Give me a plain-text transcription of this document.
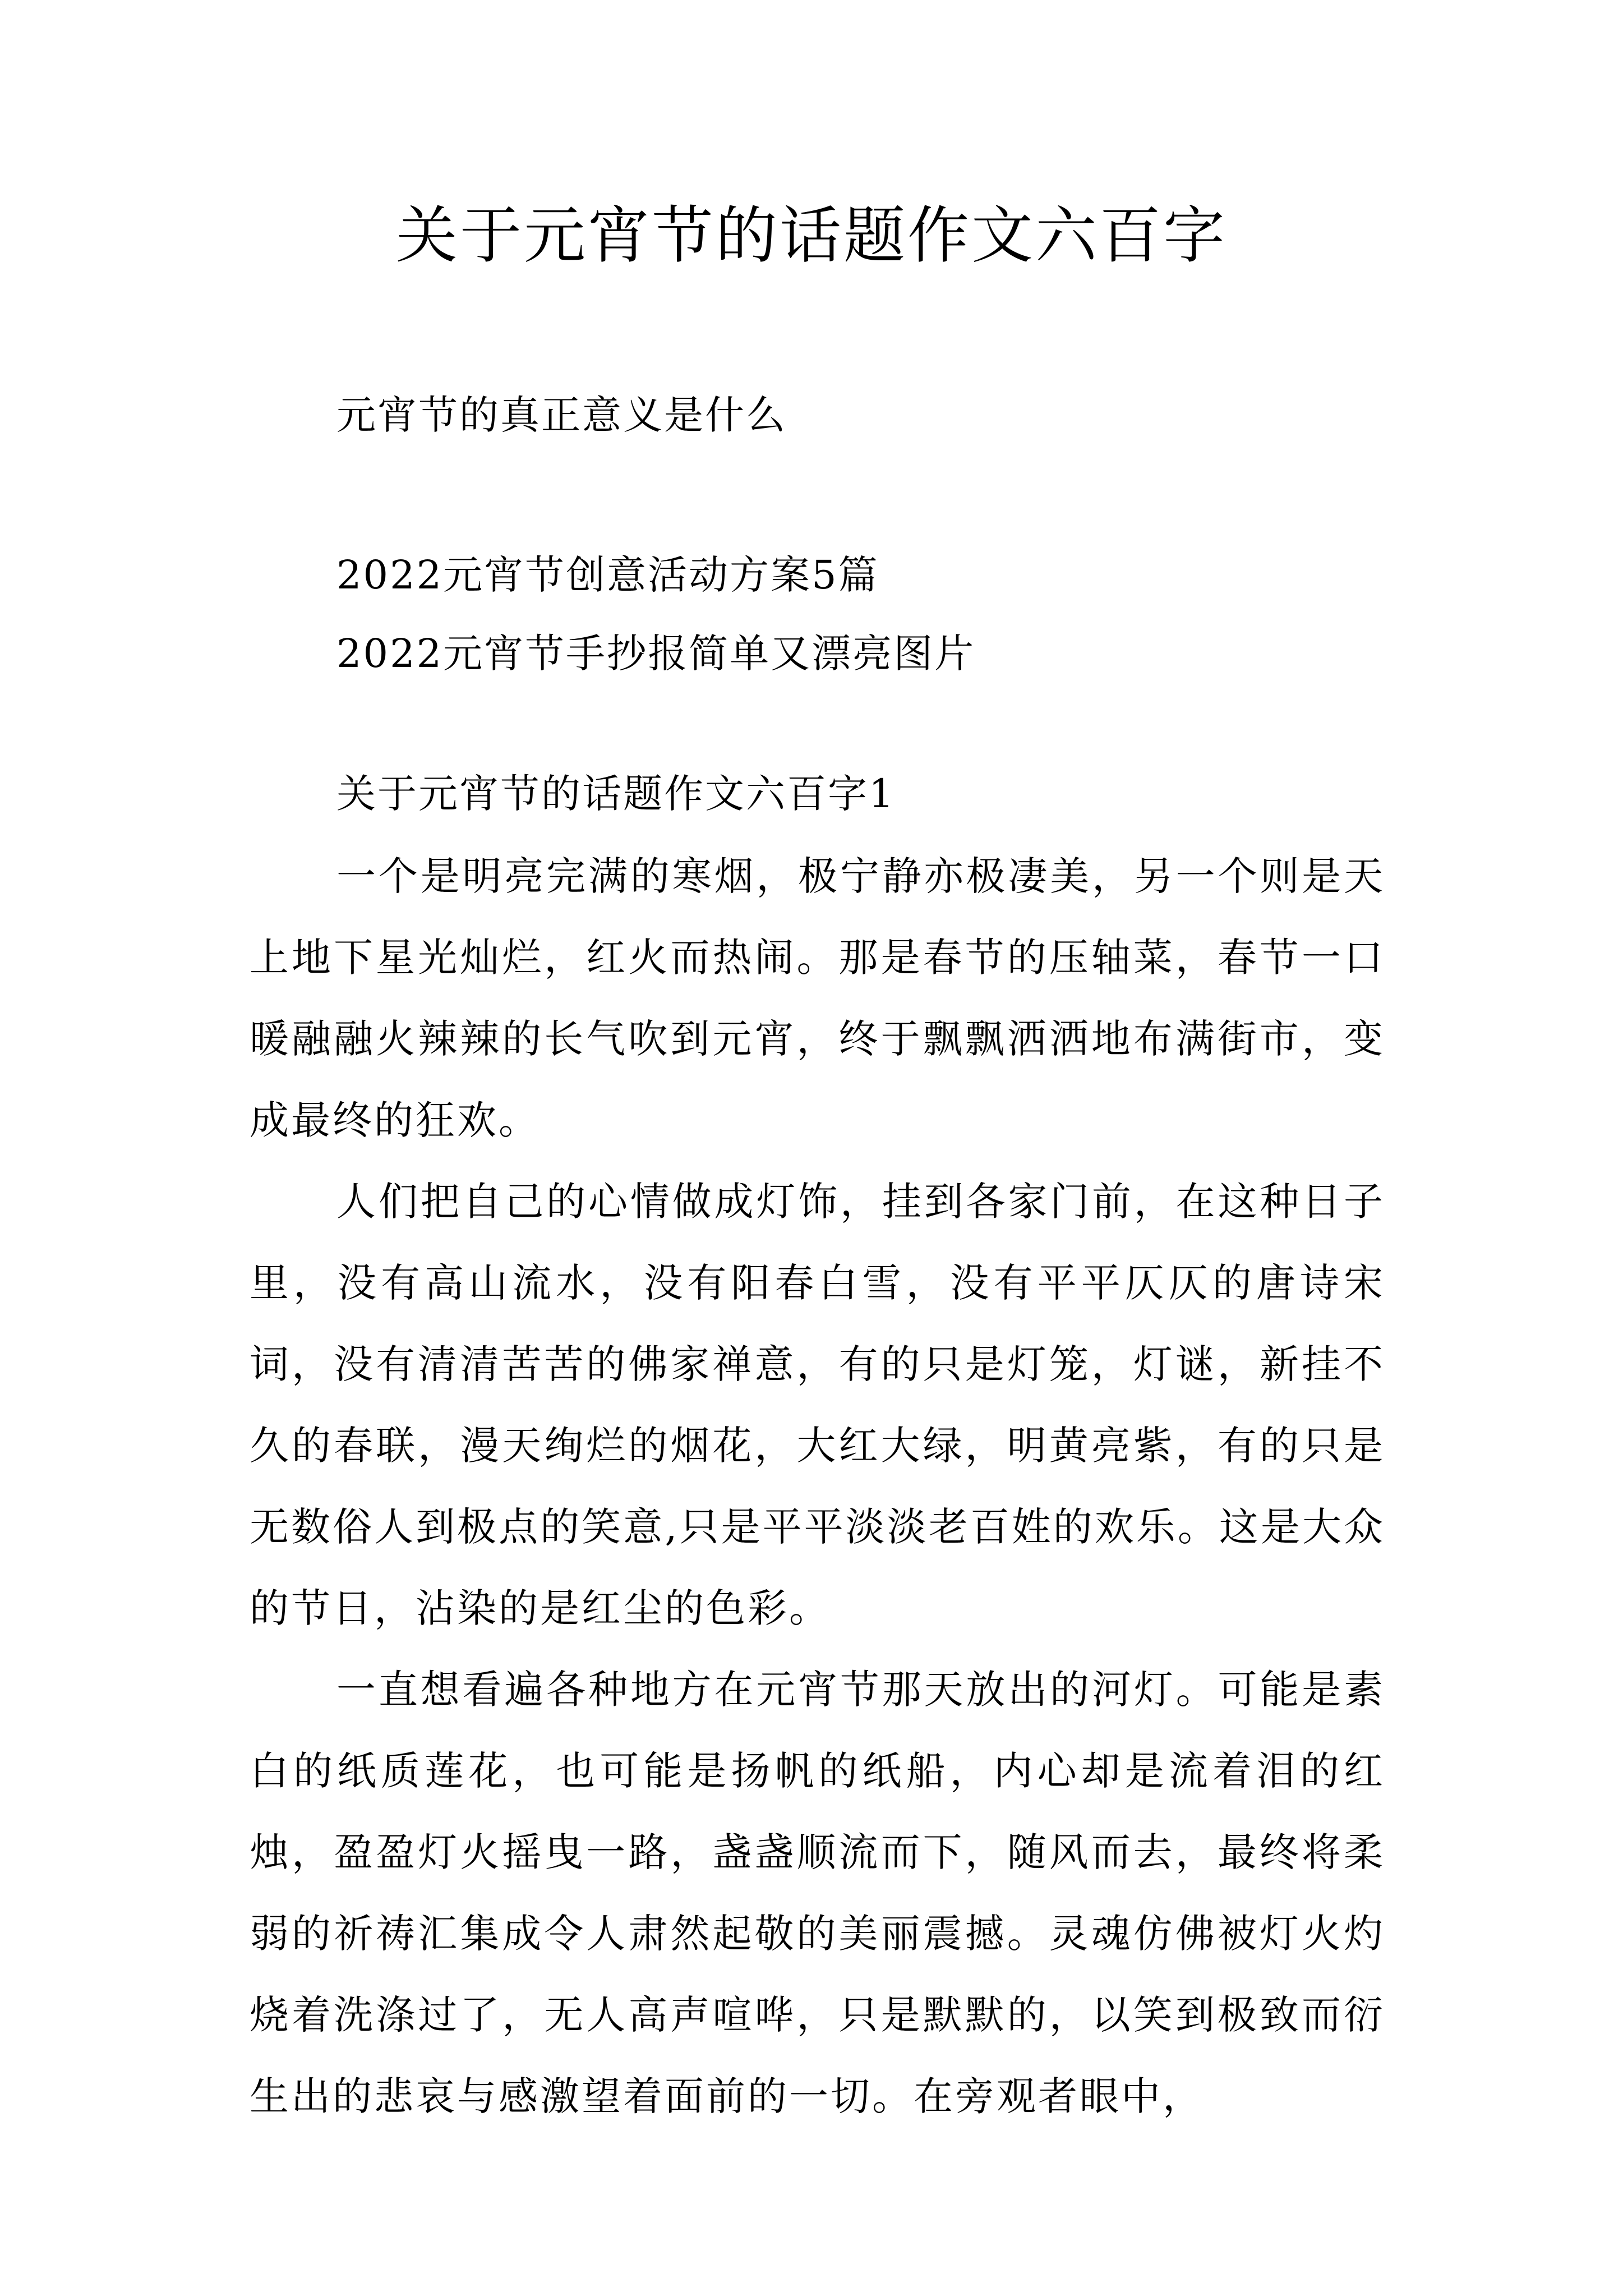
关于元宵节的话题作文六百字
元宵节的真正意义是什么
2022元宵节创意活动方案5篇
2022元宵节手抄报简单又漂亮图片
关于元宵节的话题作文六百字1

一个是明亮完满的寒烟，极宁静亦极凄美，另一个则是天上地下星光灿烂，红火而热闹。那是春节的压轴菜，春节一口暖融融火辣辣的长气吹到元宵，终于飘飘洒洒地布满街市，变成最终的狂欢。

人们把自己的心情做成灯饰，挂到各家门前，在这种日子里，没有高山流水，没有阳春白雪，没有平平仄仄的唐诗宋词，没有清清苦苦的佛家禅意，有的只是灯笼，灯谜，新挂不久的春联，漫天绚烂的烟花，大红大绿，明黄亮紫，有的只是无数俗人到极点的笑意,只是平平淡淡老百姓的欢乐。这是大众的节日，沾染的是红尘的色彩。

一直想看遍各种地方在元宵节那天放出的河灯。可能是素白的纸质莲花，也可能是扬帆的纸船，内心却是流着泪的红烛，盈盈灯火摇曳一路，盏盏顺流而下，随风而去，最终将柔弱的祈祷汇集成令人肃然起敬的美丽震撼。灵魂仿佛被灯火灼烧着洗涤过了，无人高声喧哗，只是默默的，以笑到极致而衍生出的悲哀与感激望着面前的一切。在旁观者眼中，
